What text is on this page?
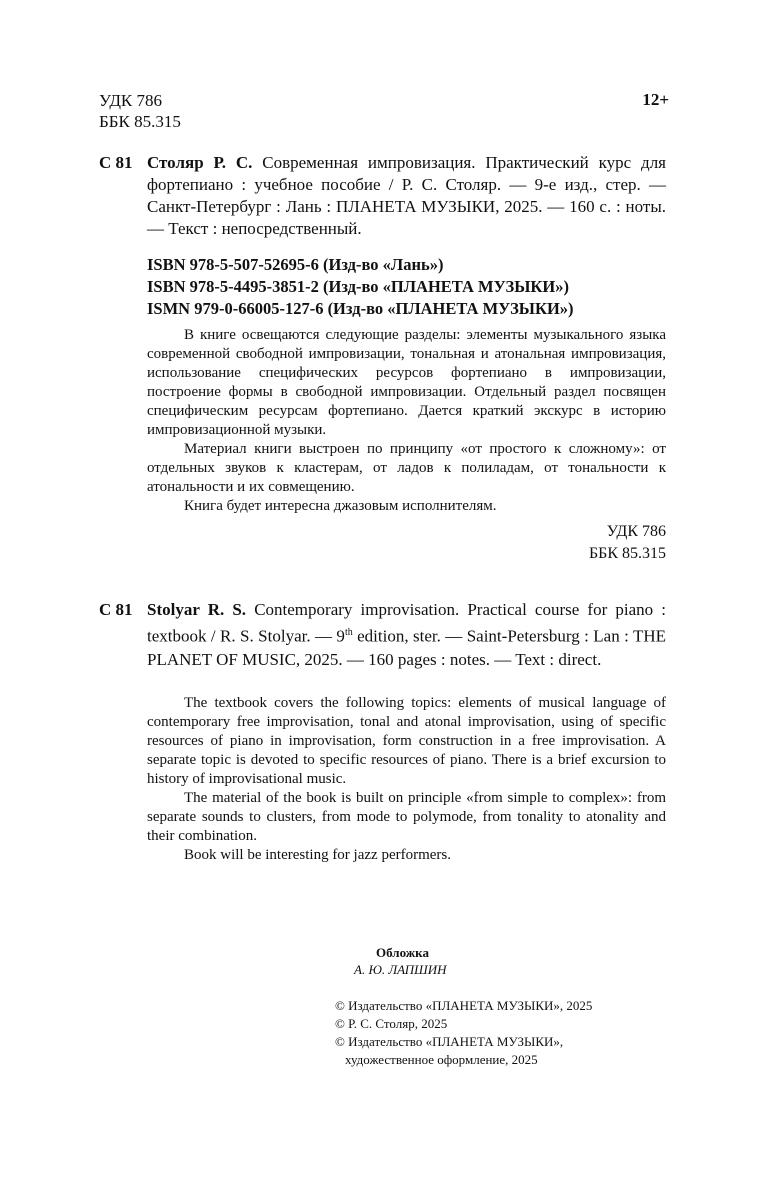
УДК 786
ББК 85.315
12+
С 81 Столяр Р. С. Современная импровизация. Практический курс для фортепиано : учебное пособие / Р. С. Столяр. — 9-е изд., стер. — Санкт-Петербург : Лань : ПЛАНЕТА МУЗЫКИ, 2025. — 160 с. : ноты. — Текст : непосредственный.
ISBN 978-5-507-52695-6 (Изд-во «Лань»)
ISBN 978-5-4495-3851-2 (Изд-во «ПЛАНЕТА МУЗЫКИ»)
ISMN 979-0-66005-127-6 (Изд-во «ПЛАНЕТА МУЗЫКИ»)

В книге освещаются следующие разделы: элементы музыкального языка современной свободной импровизации, тональная и атональная импровизация, использование специфических ресурсов фортепиано в импровизации, построение формы в свободной импровизации. Отдельный раздел посвящен специфическим ресурсам фортепиано. Дается краткий экскурс в историю импровизационной музыки.

Материал книги выстроен по принципу «от простого к сложному»: от отдельных звуков к кластерам, от ладов к полиладам, от тональности к атональности и их совмещению.

Книга будет интересна джазовым исполнителям.

УДК 786
ББК 85.315
С 81 Stolyar R. S. Contemporary improvisation. Practical course for piano : textbook / R. S. Stolyar. — 9th edition, ster. — Saint-Petersburg : Lan : THE PLANET OF MUSIC, 2025. — 160 pages : notes. — Text : direct.

The textbook covers the following topics: elements of musical language of contemporary free improvisation, tonal and atonal improvisation, using of specific resources of piano in improvisation, form construction in a free improvisation. A separate topic is devoted to specific resources of piano. There is a brief excursion to history of improvisational music.

The material of the book is built on principle «from simple to complex»: from separate sounds to clusters, from mode to polymode, from tonality to atonality and their combination.

Book will be interesting for jazz performers.

Обложка
А. Ю. ЛАПШИН
© Издательство «ПЛАНЕТА МУЗЫКИ», 2025
© Р. С. Столяр, 2025
© Издательство «ПЛАНЕТА МУЗЫКИ»,
художественное оформление, 2025
